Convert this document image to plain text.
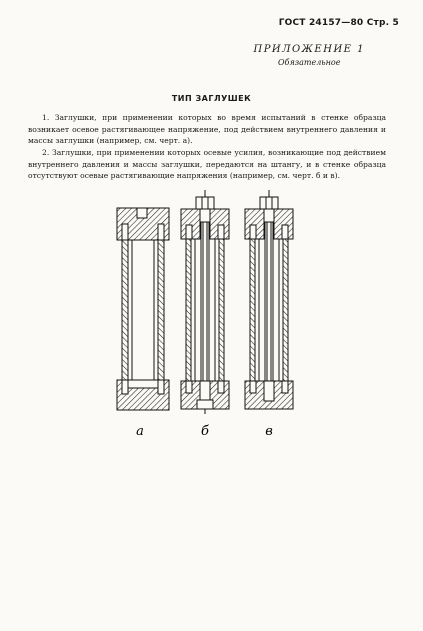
ГОСТ 24157—80 Стр. 5
ПРИЛОЖЕНИЕ 1
Обязательное
ТИП ЗАГЛУШЕК
1. Заглушки, при применении которых во время испытаний в стенке образца возникает осевое растягивающее напряжение, под действием внутреннего давления и массы заглушки (например, см. черт. а).
2. Заглушки, при применении которых осевые усилия, возникающие под действием внутреннего давления и массы заглушки, передаются на штангу, и в стенке образца отсутствуют осевые растягивающие напряжения (например, см. черт. б и в).
а	б	в
